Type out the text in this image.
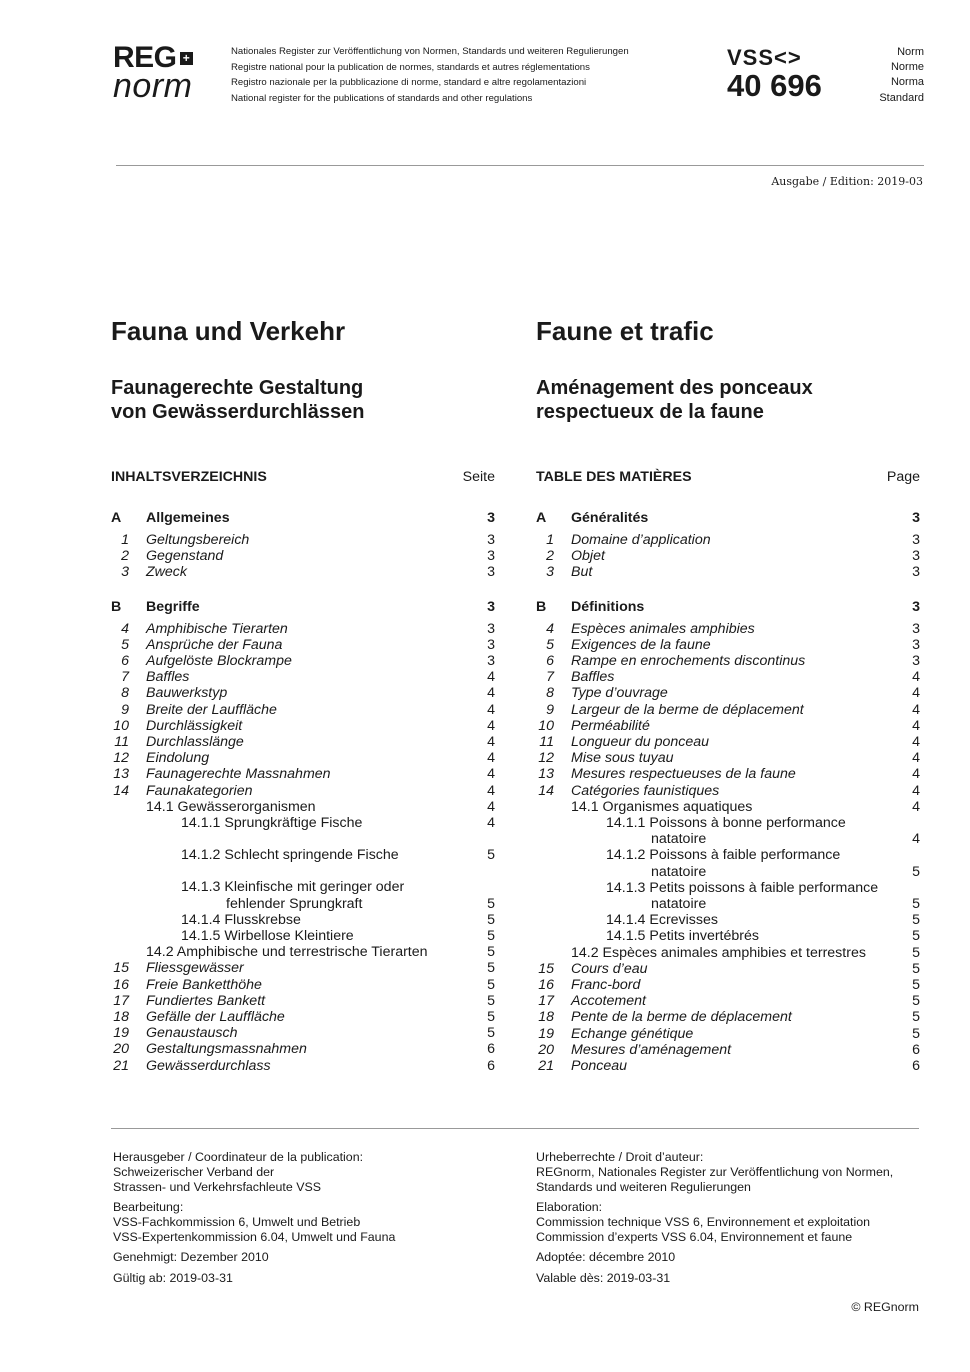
REG +
norm
Nationales Register zur Veröffentlichung von Normen, Standards und weiteren Regulierungen
Registre national pour la publication de normes, standards et autres réglementations
Registro nazionale per la pubblicazione di norme, standard e altre regolamentazioni
National register for the publications of standards and other regulations
VSS<>
40 696
Norm
Norme
Norma
Standard
Ausgabe / Edition: 2019-03
Fauna und Verkehr	Faune et trafic
Faunagerechte Gestaltung
von Gewässerdurchlässen
Aménagement des ponceaux
respectueux de la faune
INHALTSVERZEICHNIS	Seite
A	Allgemeines	3
1 Geltungsbereich	3
2 Gegenstand	3
3 Zweck	3
B	Begriffe	3
4 Amphibische Tierarten	3
5 Ansprüche der Fauna	3
6 Aufgelöste Blockrampe	3
7 Baffles	4
8 Bauwerkstyp	4
9 Breite der Lauffläche	4
10 Durchlässigkeit	4
11 Durchlasslänge	4
12 Eindolung	4
13 Faunagerechte Massnahmen	4
14 Faunakategorien	4
14.1 Gewässerorganismen	4
14.1.1 Sprungkräftige Fische	4
14.1.2 Schlecht springende Fische	5
14.1.3 Kleinfische mit geringer oder
fehlender Sprungkraft	5
14.1.4 Flusskrebse	5
14.1.5 Wirbellose Kleintiere	5
14.2 Amphibische und terrestrische Tierarten	5
15 Fliessgewässer	5
16 Freie Banketthöhe	5
17 Fundiertes Bankett	5
18 Gefälle der Lauffläche	5
19 Genaustausch	5
20 Gestaltungsmassnahmen	6
21 Gewässerdurchlass	6
TABLE DES MATIÈRES	Page
A	Généralités	3
1 Domaine d’application	3
2 Objet	3
3 But	3
B	Définitions	3
4 Espèces animales amphibies	3
5 Exigences de la faune	3
6 Rampe en enrochements discontinus	3
7 Baffles	4
8 Type d’ouvrage	4
9 Largeur de la berme de déplacement	4
10 Perméabilité	4
11 Longueur du ponceau	4
12 Mise sous tuyau	4
13 Mesures respectueuses de la faune	4
14 Catégories faunistiques	4
14.1 Organismes aquatiques	4
14.1.1 Poissons à bonne performance
natatoire	4
14.1.2 Poissons à faible performance
natatoire	5
14.1.3 Petits poissons à faible performance
natatoire	5
14.1.4 Ecrevisses	5
14.1.5 Petits invertébrés	5
14.2 Espèces animales amphibies et terrestres	5
15 Cours d’eau	5
16 Franc-bord	5
17 Accotement	5
18 Pente de la berme de déplacement	5
19 Echange génétique	5
20 Mesures d’aménagement	6
21 Ponceau	6

Herausgeber / Coordinateur de la publication:

Schweizerischer Verband der

Strassen- und Verkehrsfachleute VSS

Bearbeitung:

VSS-Fachkommission 6, Umwelt und Betrieb

VSS-Expertenkommission 6.04, Umwelt und Fauna

Genehmigt: Dezember 2010

Gültig ab: 2019-03-31

Urheberrechte / Droit d’auteur:

REGnorm, Nationales Register zur Veröffentlichung von Normen,

Standards und weiteren Regulierungen

Elaboration:

Commission technique VSS 6, Environnement et exploitation

Commission d’experts VSS 6.04, Environnement et faune

Adoptée: décembre 2010

Valable dès: 2019-03-31

© REGnorm
